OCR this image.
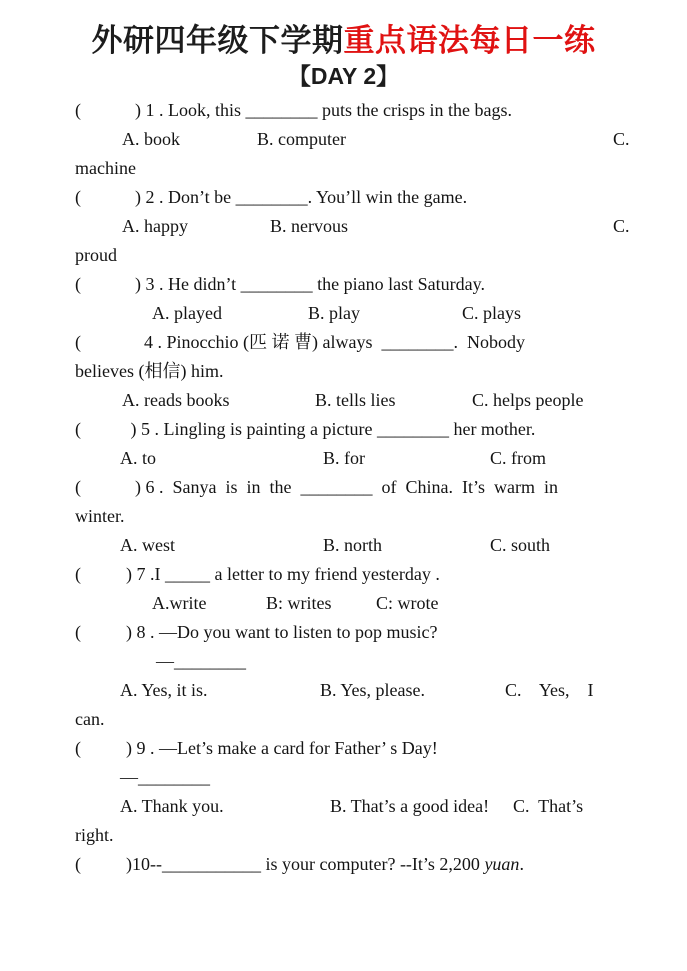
外研四年级下学期重点语法每日一练
【DAY 2】
(            ) 1 . Look, this ________ puts the crisps in the bags.
A. book	B. computer	C.
machine
(            ) 2 . Don’t be ________. You’ll win the game.
A. happy	B. nervous	C.
proud
(            ) 3 . He didn’t ________ the piano last Saturday.
A. played	B. play	C. plays
(              4 . Pinocchio (匹 诺 曹) always  ________.  Nobody
believes (相信) him.
A. reads books	B. tells lies	C. helps people
(           ) 5 . Lingling is painting a picture ________ her mother.
A. to	B. for	C. from
(            ) 6 .  Sanya  is  in  the  ________  of  China.  It’s  warm  in
winter.
A. west	B. north	C. south
(          ) 7 .I _____ a letter to my friend yesterday .
A.write	B: writes C: wrote
(          ) 8 . —Do you want to listen to pop music?
—________
A. Yes, it is.	B. Yes, please.	C.    Yes,    I
can.
(          ) 9 . —Let’s make a card for Father’ s Day!
—________
A. Thank you.	B. That’s a good idea! C.  That’s
right.
(          )10--___________ is your computer? --It’s 2,200 yuan.
